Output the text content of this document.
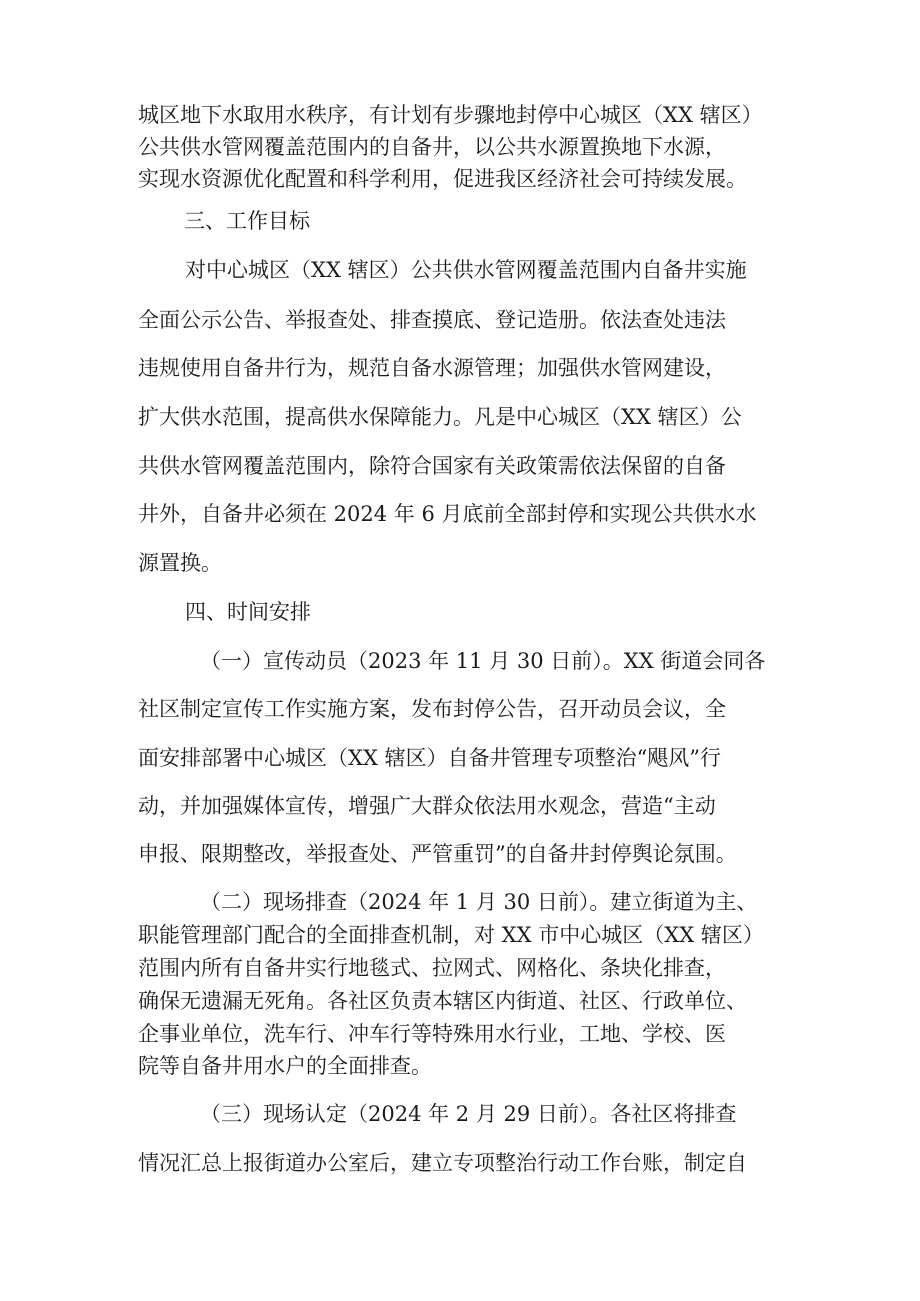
城区地下水取用水秩序，有计划有步骤地封停中心城区（XX 辖区）
公共供水管网覆盖范围内的自备井，以公共水源置换地下水源，
实现水资源优化配置和科学利用，促进我区经济社会可持续发展。
三、工作目标
对中心城区（XX 辖区）公共供水管网覆盖范围内自备井实施
全面公示公告、举报查处、排查摸底、登记造册。依法查处违法
违规使用自备井行为，规范自备水源管理；加强供水管网建设，
扩大供水范围，提高供水保障能力。凡是中心城区（XX 辖区）公
共供水管网覆盖范围内，除符合国家有关政策需依法保留的自备
井外，自备井必须在 2024 年 6 月底前全部封停和实现公共供水水
源置换。
四、时间安排
（一）宣传动员（2023 年 11 月 30 日前）。XX 街道会同各
社区制定宣传工作实施方案，发布封停公告，召开动员会议，全
面安排部署中心城区（XX 辖区）自备井管理专项整治“飓风”行
动，并加强媒体宣传，增强广大群众依法用水观念，营造“主动
申报、限期整改，举报查处、严管重罚”的自备井封停舆论氛围。
（二）现场排查（2024 年 1 月 30 日前）。建立街道为主、
职能管理部门配合的全面排查机制，对 XX 市中心城区（XX 辖区）
范围内所有自备井实行地毯式、拉网式、网格化、条块化排查，
确保无遗漏无死角。各社区负责本辖区内街道、社区、行政单位、
企事业单位，洗车行、冲车行等特殊用水行业，工地、学校、医
院等自备井用水户的全面排查。
（三）现场认定（2024 年 2 月 29 日前）。各社区将排查
情况汇总上报街道办公室后，建立专项整治行动工作台账，制定自
